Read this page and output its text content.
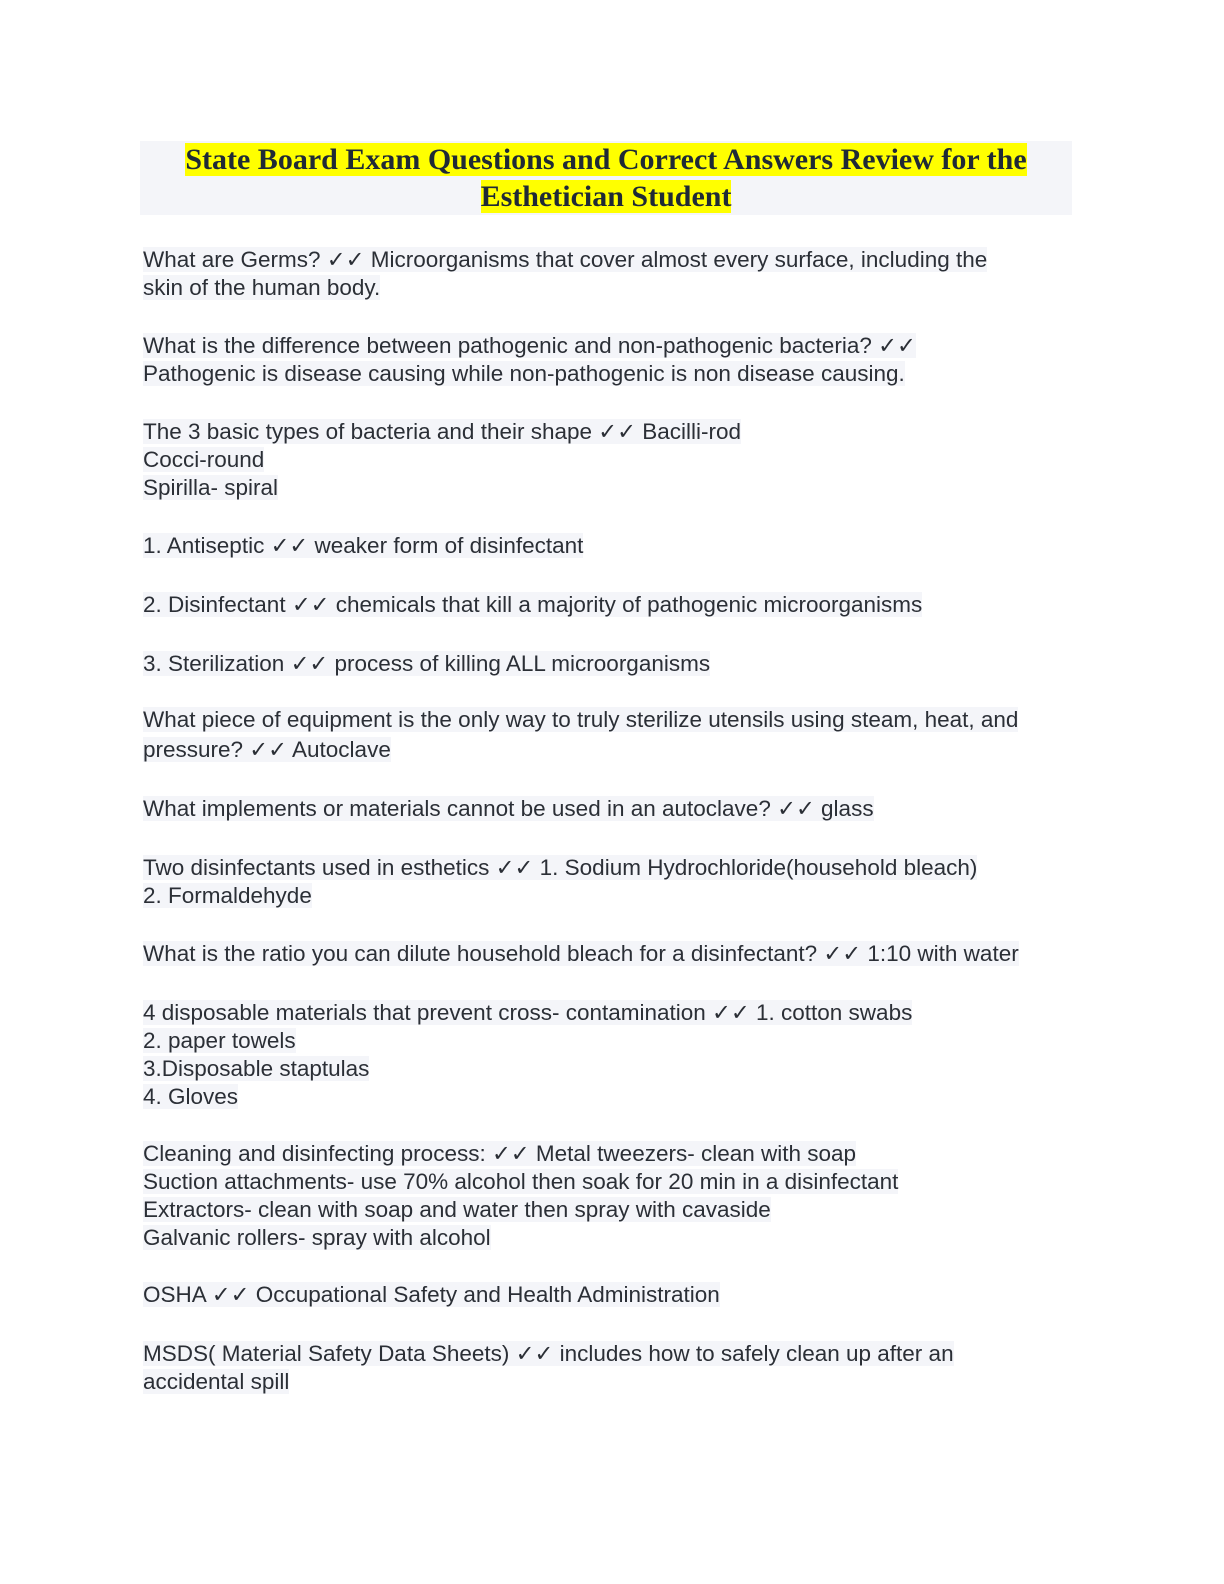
State Board Exam Questions and Correct Answers Review for the
Esthetician Student
What are Germs? ✓✓ Microorganisms that cover almost every surface, including the
skin of the human body.
What is the difference between pathogenic and non-pathogenic bacteria? ✓✓
Pathogenic is disease causing while non-pathogenic is non disease causing.
The 3 basic types of bacteria and their shape ✓✓ Bacilli-rod
Cocci-round
Spirilla- spiral
1. Antiseptic ✓✓ weaker form of disinfectant
2. Disinfectant ✓✓ chemicals that kill a majority of pathogenic microorganisms
3. Sterilization ✓✓ process of killing ALL microorganisms
What piece of equipment is the only way to truly sterilize utensils using steam, heat, and
pressure? ✓✓ Autoclave
What implements or materials cannot be used in an autoclave? ✓✓ glass
Two disinfectants used in esthetics ✓✓ 1. Sodium Hydrochloride(household bleach)
2. Formaldehyde
What is the ratio you can dilute household bleach for a disinfectant? ✓✓ 1:10 with water
4 disposable materials that prevent cross- contamination ✓✓ 1. cotton swabs
2. paper towels
3.Disposable staptulas
4. Gloves
Cleaning and disinfecting process: ✓✓ Metal tweezers- clean with soap
Suction attachments- use 70% alcohol then soak for 20 min in a disinfectant
Extractors- clean with soap and water then spray with cavaside
Galvanic rollers- spray with alcohol
OSHA ✓✓ Occupational Safety and Health Administration
MSDS( Material Safety Data Sheets) ✓✓ includes how to safely clean up after an
accidental spill
